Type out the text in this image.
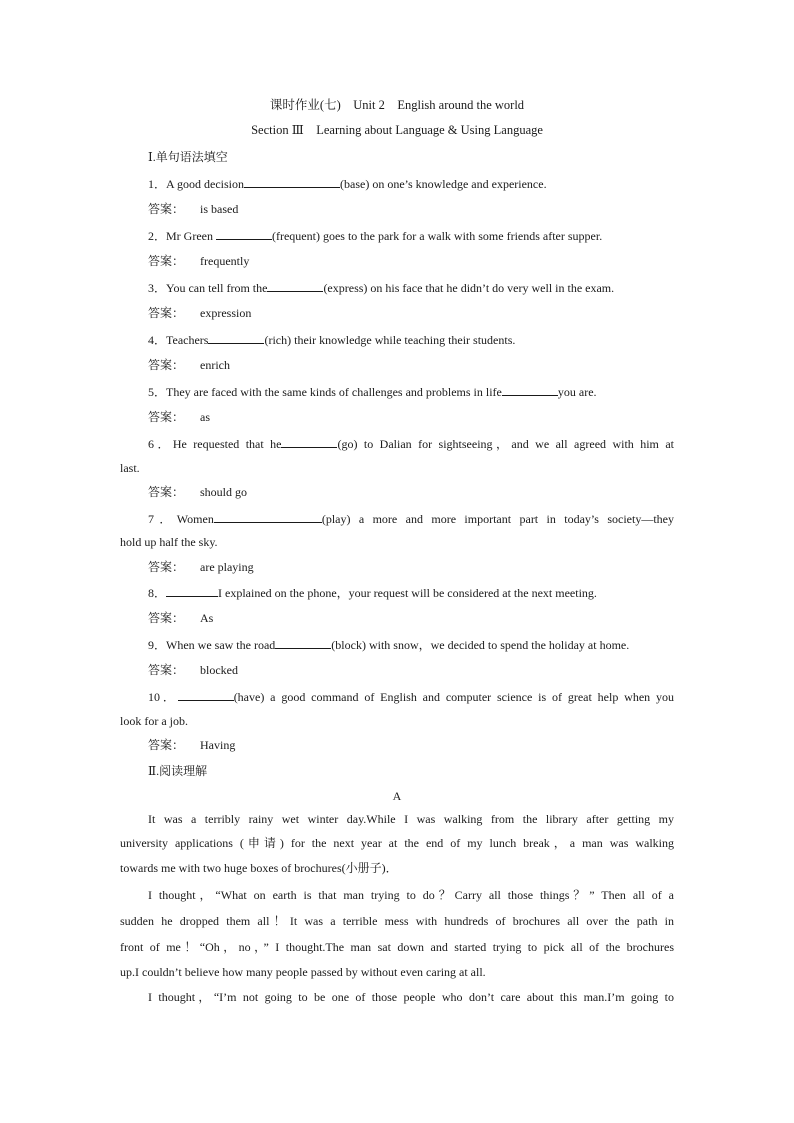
课时作业(七)　Unit 2　English around the world
Section Ⅲ　Learning about Language & Using Language
Ⅰ.单句语法填空
1．A good decision	(base) on one’s knowledge and experience.
答案： is based
2．Mr Green	(frequent) goes to the park for a walk with some friends after supper.
答案： frequently
3．You can tell from the	(express) on his face that he didn’t do very well in the exam.
答案： expression
4．Teachers	(rich) their knowledge while teaching their students.
答案： enrich
5．They are faced with the same kinds of challenges and problems in life	you are.
答案： as
6．He requested that he	(go) to Dalian for sightseeing，and we all agreed with him at
last.
答案： should go
7．Women	(play) a more and more important part in today’s society—they
hold up half the sky.
答案： are playing
8．	I explained on the phone，your request will be considered at the next meeting.
答案： As
9．When we saw the road	(block) with snow，we decided to spend the holiday at home.
答案： blocked
10．	(have) a good command of English and computer science is of great help when you
look for a job.
答案： Having
Ⅱ.阅读理解
A
It was a terribly rainy wet winter day.While I was walking from the library after getting my
university applications (申请) for the next year at the end of my lunch break，a man was walking
towards me with two huge boxes of brochures(小册子)．
I thought，“What on earth is that man trying to do？Carry all those things？” Then all of a
sudden he dropped them all！It was a terrible mess with hundreds of brochures all over the path in
front of me！“Oh，no，” I thought.The man sat down and started trying to pick all of the brochures
up.I couldn’t believe how many people passed by without even caring at all.
I thought，“I’m not going to be one of those people who don’t care about this man.I’m going to
